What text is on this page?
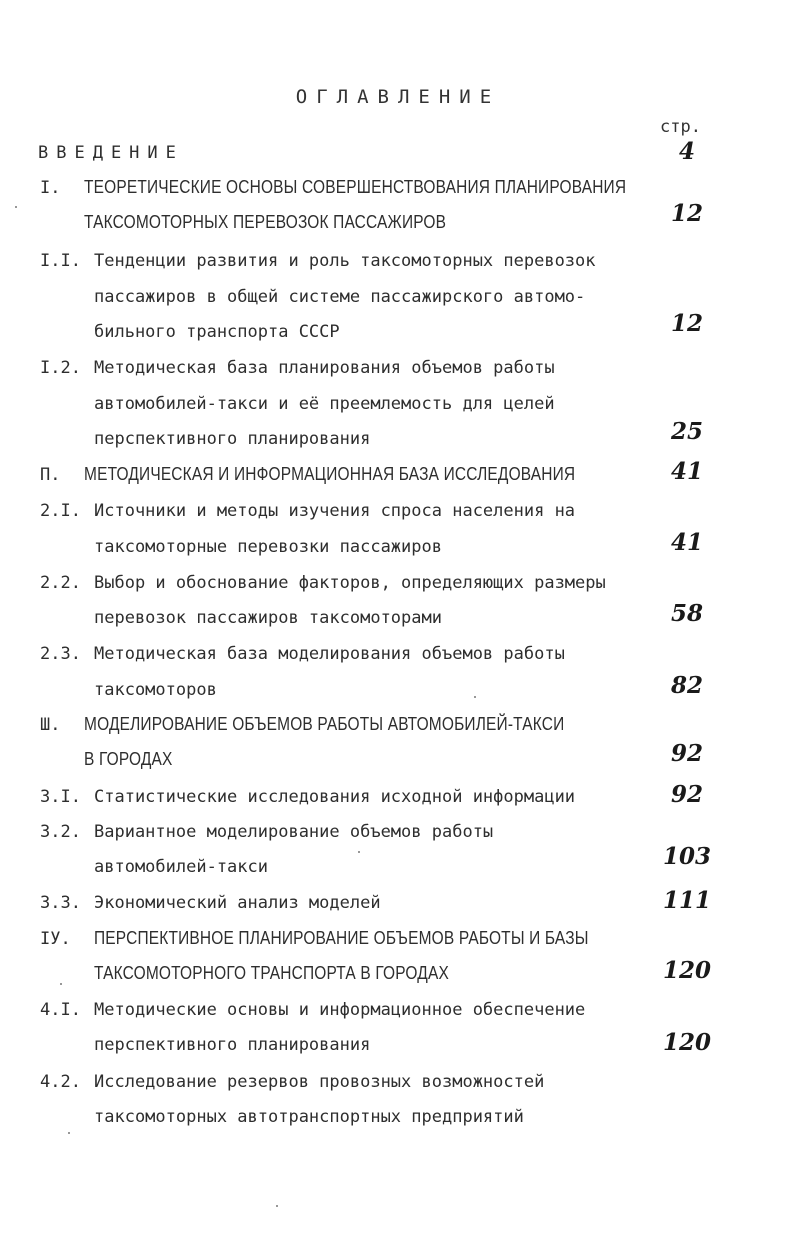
ОГЛАВЛЕНИЕ
стр.
ВВЕДЕНИЕ	4
I. ТЕОРЕТИЧЕСКИЕ ОСНОВЫ СОВЕРШЕНСТВОВАНИЯ ПЛАНИРОВАНИЯ
ТАКСОМОТОРНЫХ ПЕРЕВОЗОК ПАССАЖИРОВ	12
I.I. Тенденции развития и роль таксомоторных перевозок
пассажиров в общей системе пассажирского автомо-
бильного транспорта СССР	12
I.2. Методическая база планирования объемов работы
автомобилей-такси и её преемлемость для целей
перспективного планирования	25
П. МЕТОДИЧЕСКАЯ И ИНФОРМАЦИОННАЯ БАЗА ИССЛЕДОВАНИЯ	41
2.I. Источники и методы изучения спроса населения на
таксомоторные перевозки пассажиров	41
2.2. Выбор и обоснование факторов, определяющих размеры
перевозок пассажиров таксомоторами	58
2.3. Методическая база моделирования объемов работы
таксомоторов	82
Ш. МОДЕЛИРОВАНИЕ ОБЪЕМОВ РАБОТЫ АВТОМОБИЛЕЙ-ТАКСИ
В ГОРОДАХ	92
3.I. Статистические исследования исходной информации	92
3.2. Вариантное моделирование объемов работы
автомобилей-такси	103
3.3. Экономический анализ моделей	111
IУ. ПЕРСПЕКТИВНОЕ ПЛАНИРОВАНИЕ ОБЪЕМОВ РАБОТЫ И БАЗЫ
ТАКСОМОТОРНОГО ТРАНСПОРТА В ГОРОДАХ	120
4.I. Методические основы и информационное обеспечение
перспективного планирования	120
4.2. Исследование резервов провозных возможностей
таксомоторных автотранспортных предприятий
